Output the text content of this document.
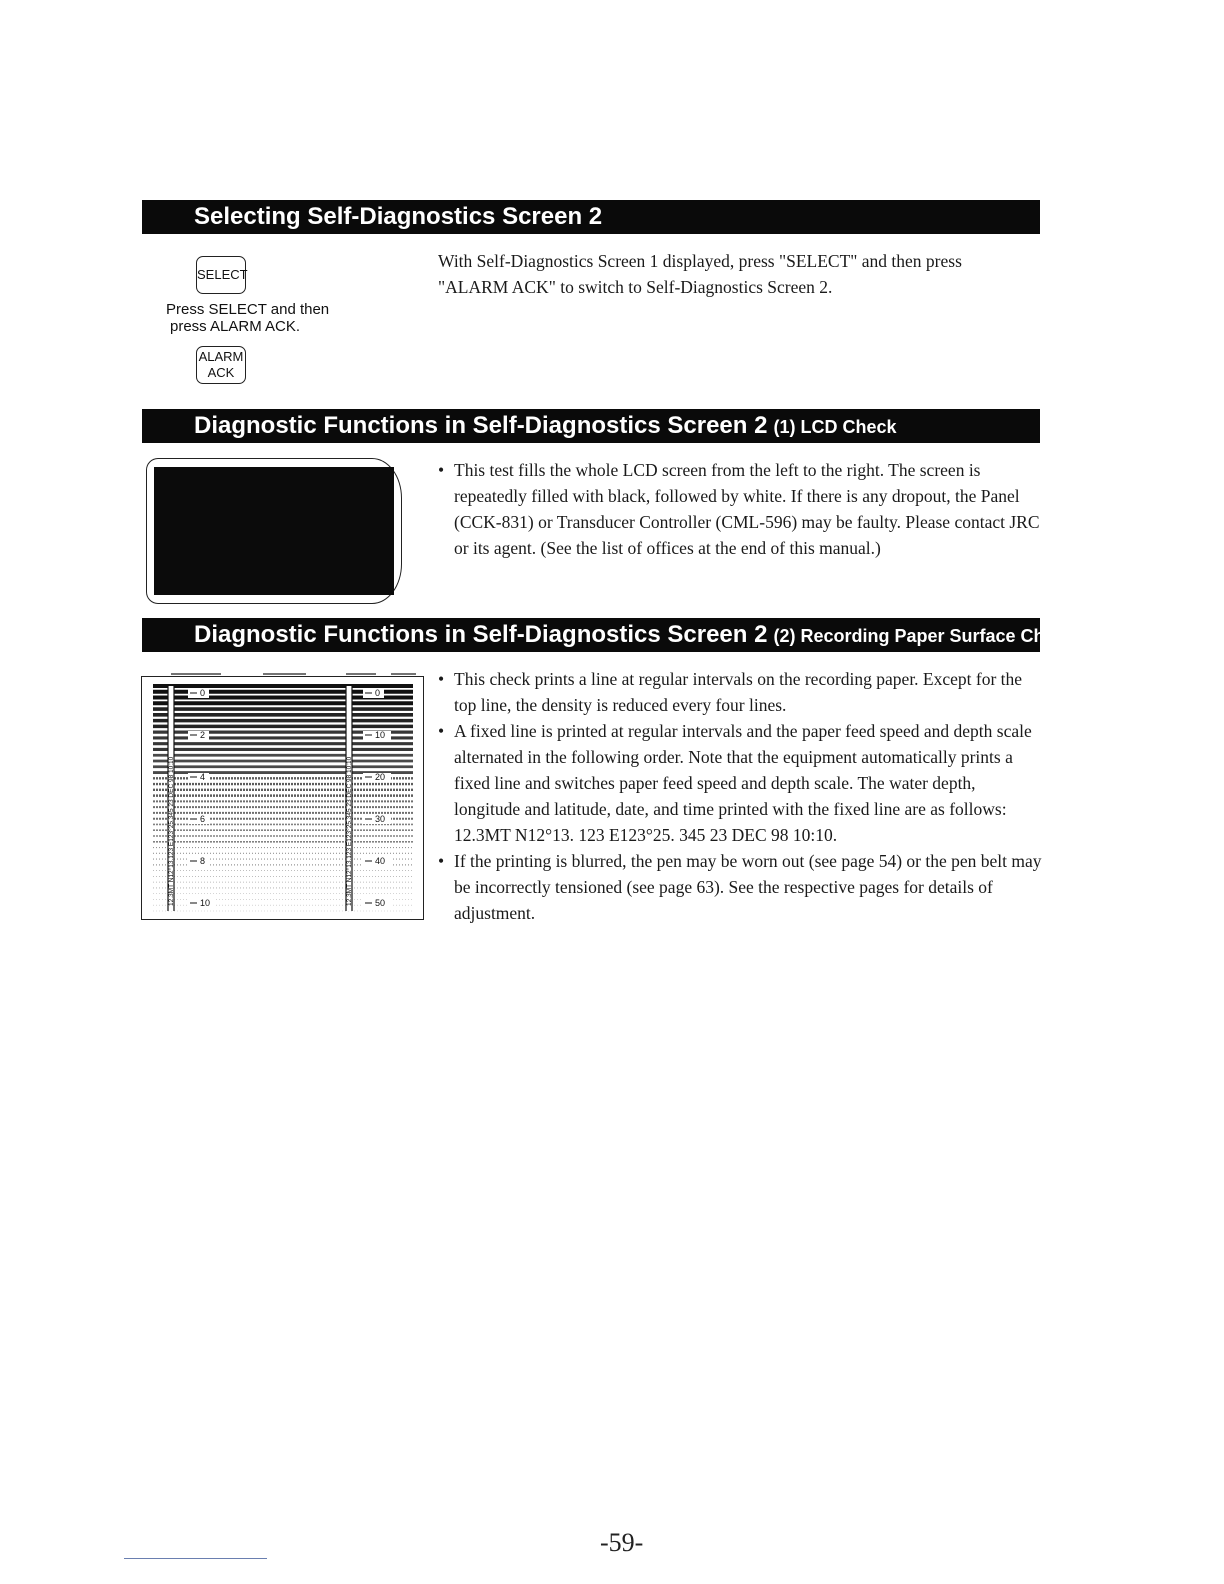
Selecting Self-Diagnostics Screen 2
SELECT
Press SELECT and then
press ALARM ACK.
ALARM
ACK
With Self-Diagnostics Screen 1 displayed, press "SELECT" and then press "ALARM ACK" to switch to Self-Diagnostics Screen 2.
Diagnostic Functions in Self-Diagnostics Screen 2 (1) LCD Check
• This test fills the whole LCD screen from the left to the right. The screen is repeatedly filled with black, followed by white. If there is any dropout, the Panel (CCK-831) or Transducer Controller (CML-596) may be faulty. Please contact JRC or its agent. (See the list of offices at the end of this manual.)
Diagnostic Functions in Self-Diagnostics Screen 2 (2) Recording Paper Surface Check
12.3MT N12°13.123 E123°25.345 23 DEC 98 10:10	12.3MT N12°13.123 E123°25.345 23 DEC 98 10:10
0
2
4
6
8
10
0
10
20
30
40
50
• This check prints a line at regular intervals on the recording paper. Except for the top line, the density is reduced every four lines.
• A fixed line is printed at regular intervals and the paper feed speed and depth scale alternated in the following order. Note that the equipment automatically prints a fixed line and switches paper feed speed and depth scale. The water depth, longitude and latitude, date, and time printed with the fixed line are as follows: 12.3MT N12°13. 123 E123°25. 345 23 DEC 98 10:10.
• If the printing is blurred, the pen may be worn out (see page 54) or the pen belt may be incorrectly tensioned (see page 63). See the respective pages for details of adjustment.
-59-
